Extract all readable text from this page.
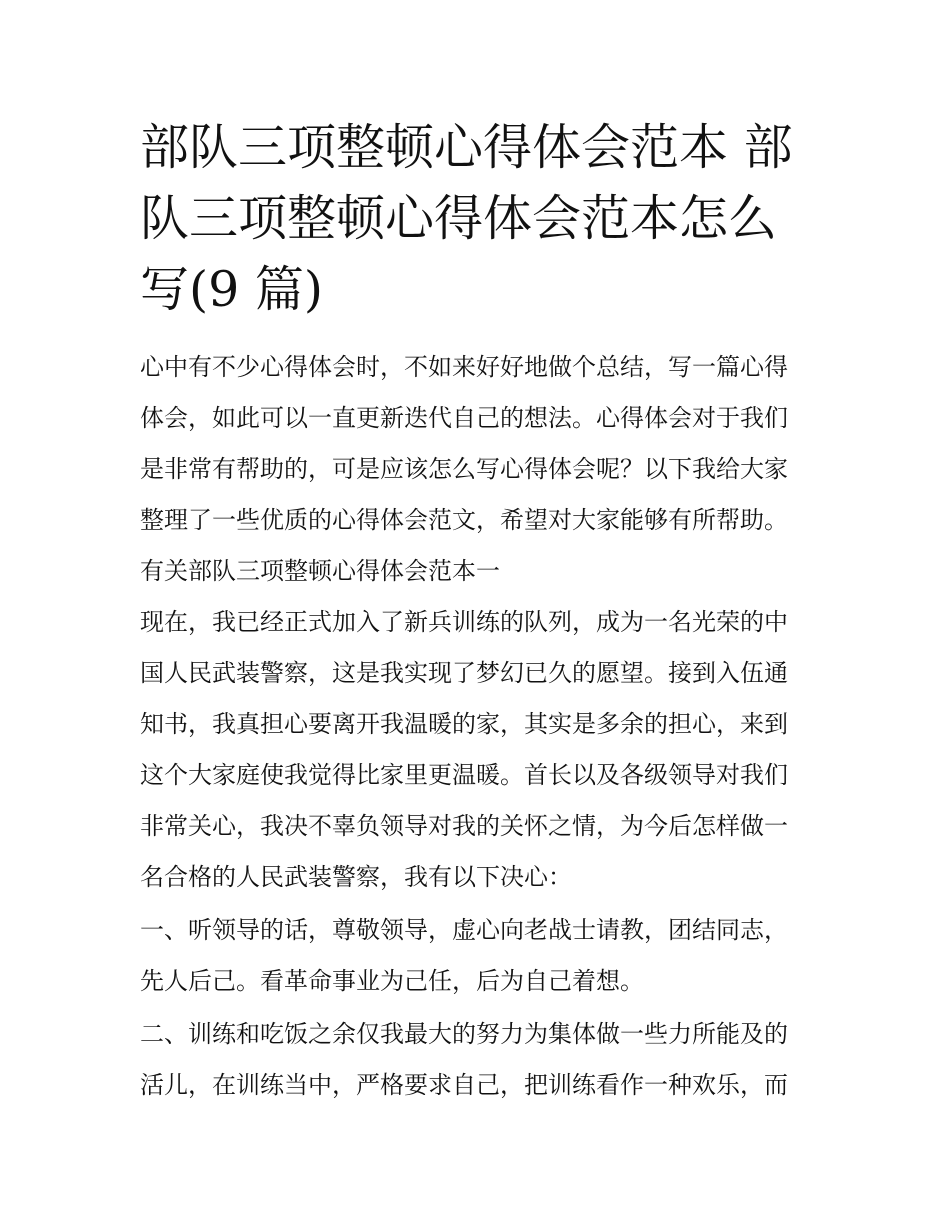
部队三项整顿心得体会范本 部
队三项整顿心得体会范本怎么
写(9 篇)
心中有不少心得体会时，不如来好好地做个总结，写一篇心得
体会，如此可以一直更新迭代自己的想法。心得体会对于我们
是非常有帮助的，可是应该怎么写心得体会呢？以下我给大家
整理了一些优质的心得体会范文，希望对大家能够有所帮助。
有关部队三项整顿心得体会范本一
现在，我已经正式加入了新兵训练的队列，成为一名光荣的中
国人民武装警察，这是我实现了梦幻已久的愿望。接到入伍通
知书，我真担心要离开我温暖的家，其实是多余的担心，来到
这个大家庭使我觉得比家里更温暖。首长以及各级领导对我们
非常关心，我决不辜负领导对我的关怀之情，为今后怎样做一
名合格的人民武装警察，我有以下决心：
一、听领导的话，尊敬领导，虚心向老战士请教，团结同志，
先人后己。看革命事业为己任，后为自己着想。
二、训练和吃饭之余仅我最大的努力为集体做一些力所能及的
活儿，在训练当中，严格要求自己，把训练看作一种欢乐，而
